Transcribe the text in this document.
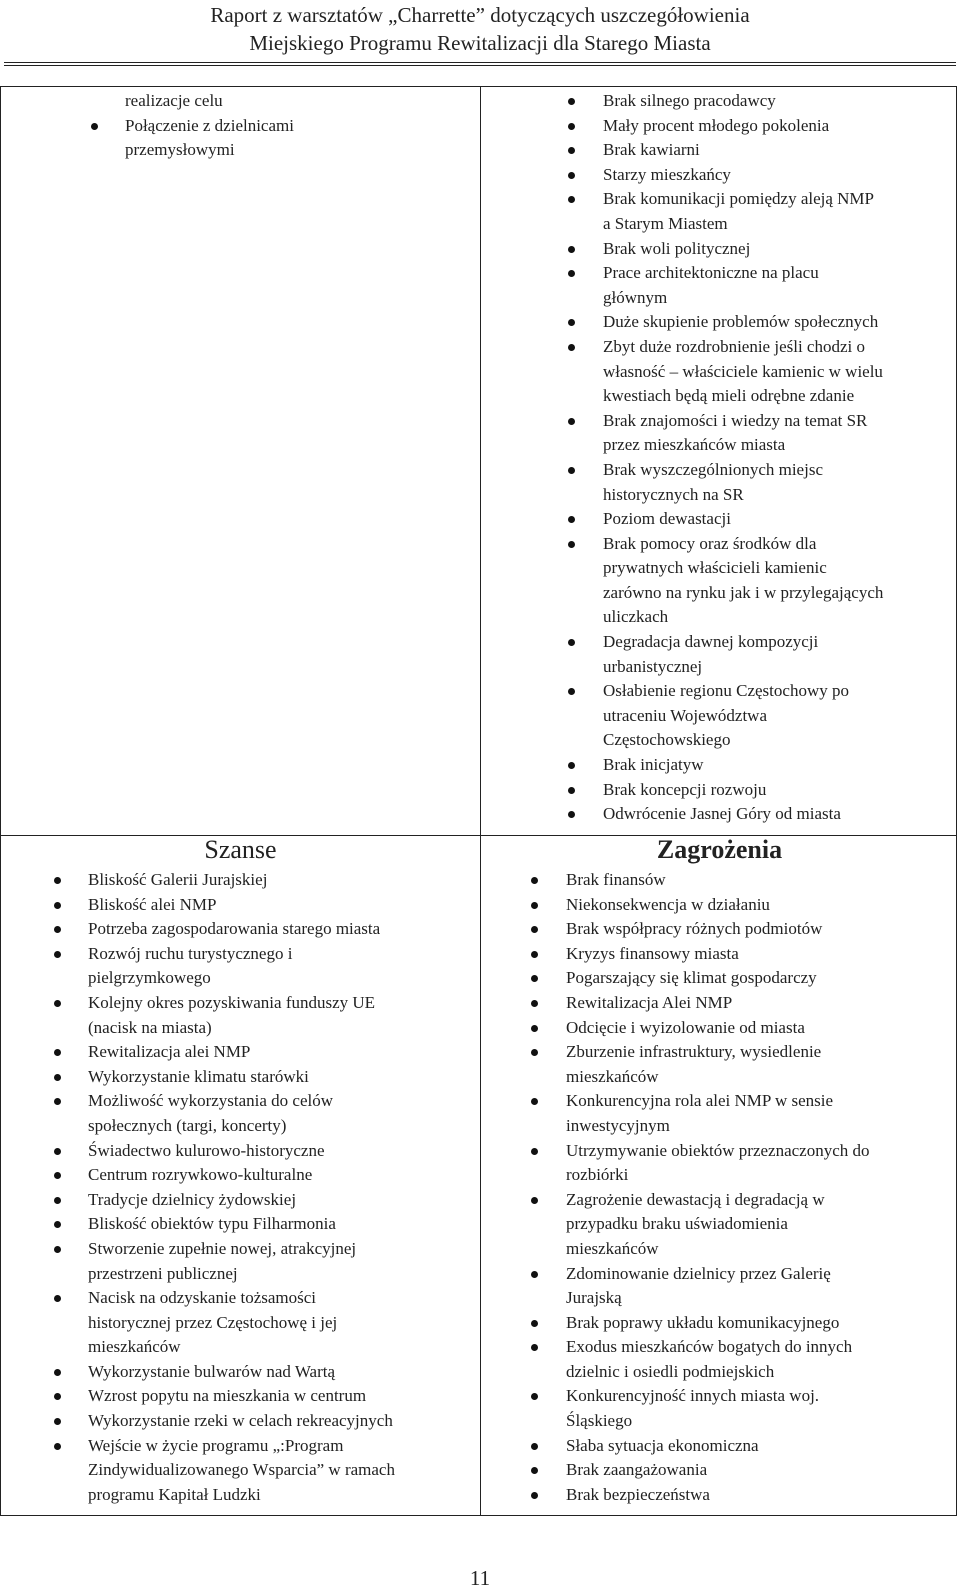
Raport z warsztatów „Charrette” dotyczących uszczegółowienia
Miejskiego Programu Rewitalizacji dla Starego Miasta
realizacje celu
Połączenie z dzielnicami
przemysłowymi
Brak silnego pracodawcy
Mały procent młodego pokolenia
Brak kawiarni
Starzy mieszkańcy
Brak komunikacji pomiędzy aleją NMP
a Starym Miastem
Brak woli politycznej
Prace architektoniczne na placu
głównym
Duże skupienie problemów społecznych
Zbyt duże rozdrobnienie jeśli chodzi o
własność – właściciele kamienic w wielu
kwestiach będą mieli odrębne zdanie
Brak znajomości i wiedzy na temat SR
przez mieszkańców miasta
Brak wyszczególnionych miejsc
historycznych na SR
Poziom dewastacji
Brak pomocy oraz środków dla
prywatnych właścicieli kamienic
zarówno na rynku jak i w przylegających
uliczkach
Degradacja dawnej kompozycji
urbanistycznej
Osłabienie regionu Częstochowy po
utraceniu Województwa
Częstochowskiego
Brak inicjatyw
Brak koncepcji rozwoju
Odwrócenie Jasnej Góry od miasta
Szanse	Zagrożenia
Bliskość Galerii Jurajskiej
Bliskość alei NMP
Potrzeba zagospodarowania starego miasta
Rozwój ruchu turystycznego i
pielgrzymkowego
Kolejny okres pozyskiwania funduszy UE
(nacisk na miasta)
Rewitalizacja alei NMP
Wykorzystanie klimatu starówki
Możliwość wykorzystania do celów
społecznych (targi, koncerty)
Świadectwo kulurowo-historyczne
Centrum rozrywkowo-kulturalne
Tradycje dzielnicy żydowskiej
Bliskość obiektów typu Filharmonia
Stworzenie zupełnie nowej, atrakcyjnej
przestrzeni publicznej
Nacisk na odzyskanie tożsamości
historycznej przez Częstochowę i jej
mieszkańców
Wykorzystanie bulwarów nad Wartą
Wzrost popytu na mieszkania w centrum
Wykorzystanie rzeki w celach rekreacyjnych
Wejście w życie programu „:Program
Zindywidualizowanego Wsparcia” w ramach
programu Kapitał Ludzki
Brak finansów
Niekonsekwencja w działaniu
Brak współpracy różnych podmiotów
Kryzys finansowy miasta
Pogarszający się klimat gospodarczy
Rewitalizacja Alei NMP
Odcięcie i wyizolowanie od miasta
Zburzenie infrastruktury, wysiedlenie
mieszkańców
Konkurencyjna rola alei NMP w sensie
inwestycyjnym
Utrzymywanie obiektów przeznaczonych do
rozbiórki
Zagrożenie dewastacją i degradacją w
przypadku braku uświadomienia
mieszkańców
Zdominowanie dzielnicy przez Galerię
Jurajską
Brak poprawy układu komunikacyjnego
Exodus mieszkańców bogatych do innych
dzielnic i osiedli podmiejskich
Konkurencyjność innych miasta woj.
Śląskiego
Słaba sytuacja ekonomiczna
Brak zaangażowania
Brak bezpieczeństwa
11
